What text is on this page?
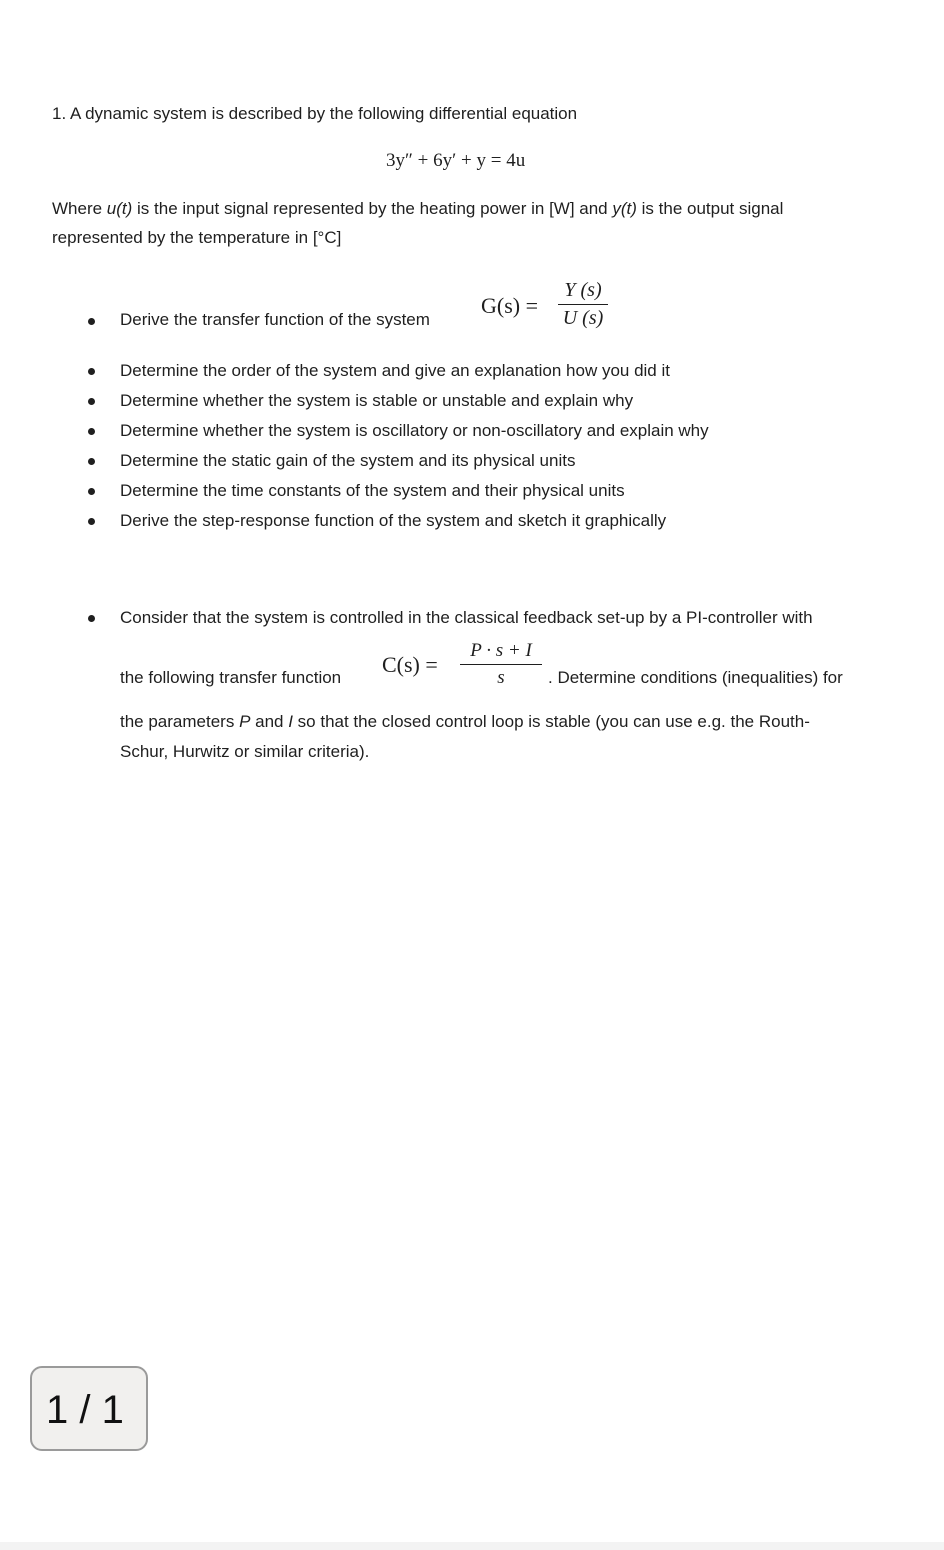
1. A dynamic system is described by the following differential equation
3y″ + 6y′ + y = 4u
Where u(t) is the input signal represented by the heating power in [W] and y(t) is the output signal
represented by the temperature in [°C]
Derive the transfer function of the system
G(s) =
Y (s)
U (s)
Determine the order of the system and give an explanation how you did it
Determine whether the system is stable or unstable and explain why
Determine whether the system is oscillatory or non-oscillatory and explain why
Determine the static gain of the system and its physical units
Determine the time constants of the system and their physical units
Derive the step-response function of the system and sketch it graphically
Consider that the system is controlled in the classical feedback set-up by a PI-controller with
the following transfer function
C(s) =
P · s + I
s	. Determine conditions (inequalities) for
the parameters P and I so that the closed control loop is stable (you can use e.g. the Routh-
Schur, Hurwitz or similar criteria).
1 / 1
